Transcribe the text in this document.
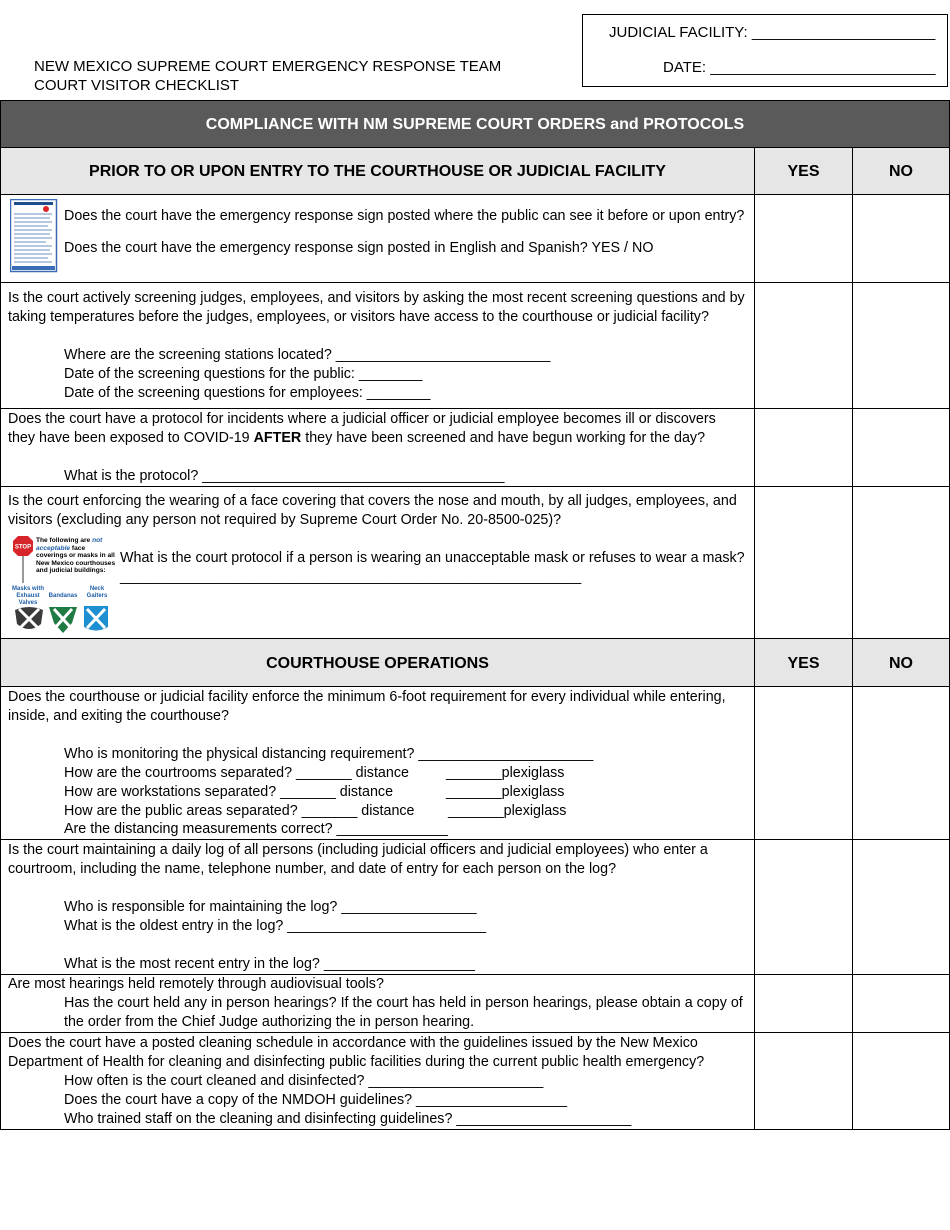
NEW MEXICO SUPREME COURT EMERGENCY RESPONSE TEAM
COURT VISITOR CHECKLIST
JUDICIAL FACILITY: ______________________
DATE: ___________________________
COMPLIANCE WITH NM SUPREME COURT ORDERS and PROTOCOLS
PRIOR TO OR UPON ENTRY TO THE COURTHOUSE OR JUDICIAL FACILITY	YES	NO
Does the court have the emergency response sign posted where the public can see it before or upon entry?
Does the court have the emergency response sign posted in English and Spanish? YES / NO
Is the court actively screening judges, employees, and visitors by asking the most recent screening questions and by
taking temperatures before the judges, employees, or visitors have access to the courthouse or judicial facility?
Where are the screening stations located? ___________________________
Date of the screening questions for the public: ________
Date of the screening questions for employees: ________
Does the court have a protocol for incidents where a judicial officer or judicial employee becomes ill or discovers
they have been exposed to COVID-19 AFTER they have been screened and have begun working for the day?
What is the protocol? ______________________________________
Is the court enforcing the wearing of a face covering that covers the nose and mouth, by all judges, employees, and
visitors (excluding any person not required by Supreme Court Order No. 20-8500-025)?
STOP
The following are not acceptable face coverings or masks in all New Mexico courthouses and judicial buildings:
Masks with Exhaust Valves
Bandanas
Neck Gaiters
What is the court protocol if a person is wearing an unacceptable mask or refuses to wear a mask?
__________________________________________________________
COURTHOUSE OPERATIONS	YES	NO
Does the courthouse or judicial facility enforce the minimum 6-foot requirement for every individual while entering,
inside, and exiting the courthouse?
Who is monitoring the physical distancing requirement? ______________________
How are the courtrooms separated? _______ distance	_______plexiglass
How are workstations separated? _______ distance	_______plexiglass
How are the public areas separated? _______ distance _______plexiglass
Are the distancing measurements correct? ______________
Is the court maintaining a daily log of all persons (including judicial officers and judicial employees) who enter a
courtroom, including the name, telephone number, and date of entry for each person on the log?
Who is responsible for maintaining the log? _________________
What is the oldest entry in the log? _________________________
What is the most recent entry in the log? ___________________
Are most hearings held remotely through audiovisual tools?
Has the court held any in person hearings? If the court has held in person hearings, please obtain a copy of
the order from the Chief Judge authorizing the in person hearing.
Does the court have a posted cleaning schedule in accordance with the guidelines issued by the New Mexico
Department of Health for cleaning and disinfecting public facilities during the current public health emergency?
How often is the court cleaned and disinfected? ______________________
Does the court have a copy of the NMDOH guidelines? ___________________
Who trained staff on the cleaning and disinfecting guidelines? ______________________
